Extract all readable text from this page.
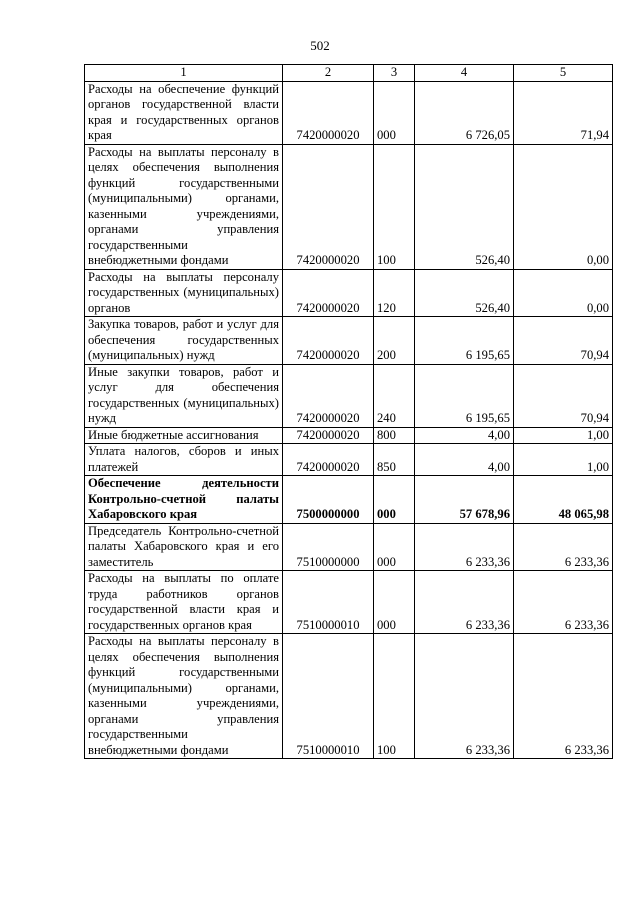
502
1	2	3	4	5
Расходы на обеспечение функций органов государственной власти края и государственных органов края	7420000020	000	6 726,05	71,94
Расходы на выплаты персоналу в целях обеспечения выполнения функций государственными (муниципальными) органами, казенными учреждениями, органами управления государственными внебюджетными фондами	7420000020	100	526,40	0,00
Расходы на выплаты персоналу государственных (муниципальных) органов	7420000020	120	526,40	0,00
Закупка товаров, работ и услуг для обеспечения государственных (муниципальных) нужд	7420000020	200	6 195,65	70,94
Иные закупки товаров, работ и услуг для обеспечения государственных (муниципальных) нужд	7420000020	240	6 195,65	70,94
Иные бюджетные ассигнования	7420000020	800	4,00	1,00
Уплата налогов, сборов и иных платежей	7420000020	850	4,00	1,00
Обеспечение деятельности Контрольно-счетной палаты Хабаровского края	7500000000	000	57 678,96	48 065,98
Председатель Контрольно-счетной палаты Хабаровского края и его заместитель	7510000000	000	6 233,36	6 233,36
Расходы на выплаты по оплате труда работников органов государственной власти края и государственных органов края	7510000010	000	6 233,36	6 233,36
Расходы на выплаты персоналу в целях обеспечения выполнения функций государственными (муниципальными) органами, казенными учреждениями, органами управления государственными внебюджетными фондами	7510000010	100	6 233,36	6 233,36
